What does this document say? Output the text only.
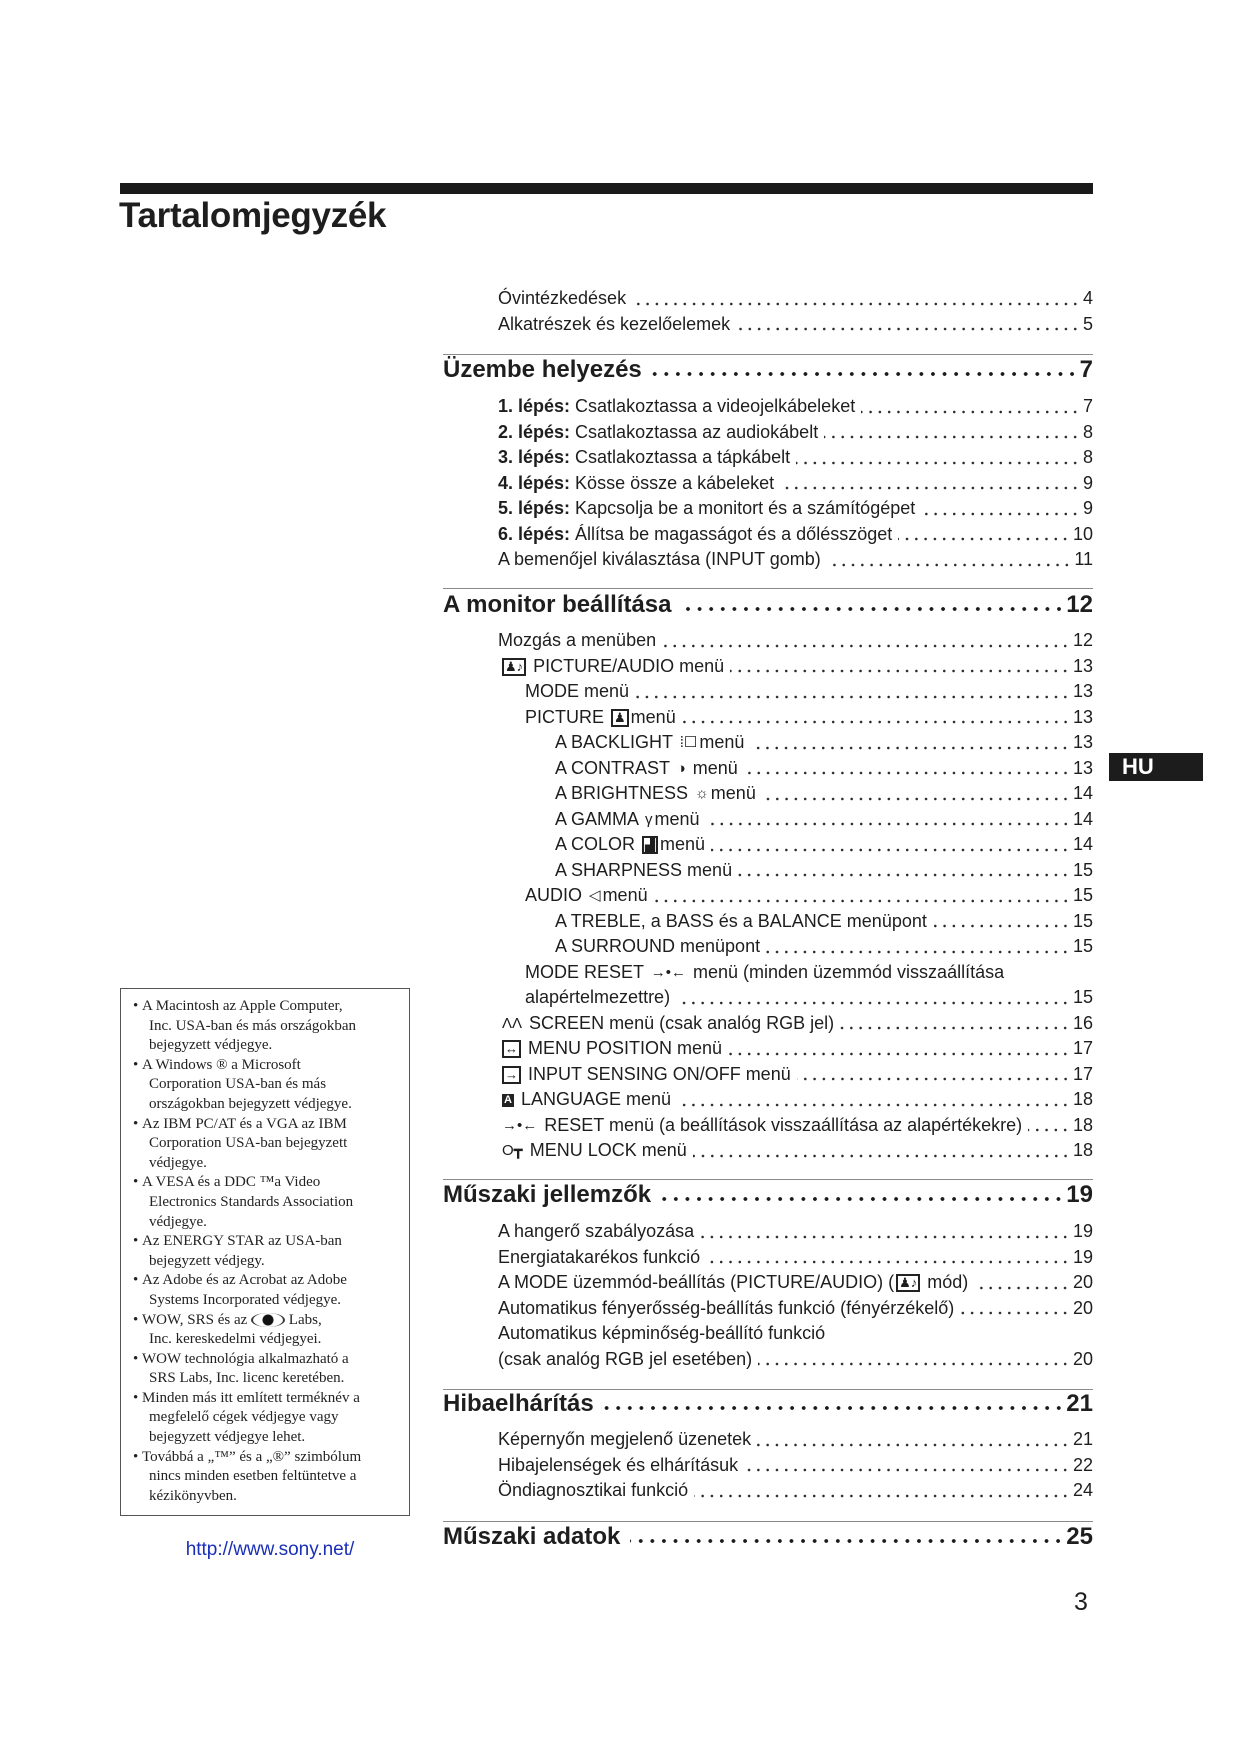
Tartalomjegyzék
HU
Óvintézkedések	4
Alkatrészek és kezelőelemek	5
Üzembe helyezés	7
1. lépés: Csatlakoztassa a videojelkábeleket	7
2. lépés: Csatlakoztassa az audiokábelt	8
3. lépés: Csatlakoztassa a tápkábelt	8
4. lépés: Kösse össze a kábeleket	9
5. lépés: Kapcsolja be a monitort és a számítógépet	9
6. lépés: Állítsa be magasságot és a dőlésszöget	10
A bemenőjel kiválasztása (INPUT gomb)	11
A monitor beállítása	12
Mozgás a menüben	12
♟♪ PICTURE/AUDIO menü	13
MODE menü	13
PICTURE ♟ menü	13
A BACKLIGHT ⁞☐ menü	13
A CONTRAST ◑ menü	13
A BRIGHTNESS ☼ menü	14
A GAMMA γ menü	14
A COLOR ▟ menü	14
A SHARPNESS menü	15
AUDIO ◁ menü	15
A TREBLE, a BASS és a BALANCE menüpont	15
A SURROUND menüpont	15
MODE RESET →•← menü (minden üzemmód visszaállítása
alapértelmezettre)	15
ΛΛ SCREEN menü (csak analóg RGB jel)	16
↔ MENU POSITION menü	17
→ INPUT SENSING ON/OFF menü	17
A LANGUAGE menü	18
→•← RESET menü (a beállítások visszaállítása az alapértékekre)	18
O┳ MENU LOCK menü	18
Műszaki jellemzők	19
A hangerő szabályozása	19
Energiatakarékos funkció	19
A MODE üzemmód-beállítás (PICTURE/AUDIO) ( ♟♪ mód)	20
Automatikus fényerősség-beállítás funkció (fényérzékelő)	20
Automatikus képminőség-beállító funkció
(csak analóg RGB jel esetében)	20
Hibaelhárítás	21
Képernyőn megjelenő üzenetek	21
Hibajelenségek és elhárításuk	22
Öndiagnosztikai funkció	24
Műszaki adatok	25
• A Macintosh az Apple Computer,
Inc. USA-ban és más országokban
bejegyzett védjegye.
• A Windows ® a Microsoft
Corporation USA-ban és más
országokban bejegyzett védjegye.
• Az IBM PC/AT és a VGA az IBM
Corporation USA-ban bejegyzett
védjegye.
• A VESA és a DDC ™a Video
Electronics Standards Association
védjegye.
• Az ENERGY STAR az USA-ban
bejegyzett védjegy.
• Az Adobe és az Acrobat az Adobe
Systems Incorporated védjegye.
• WOW, SRS és az  Labs,
Inc. kereskedelmi védjegyei.
• WOW technológia alkalmazható a
SRS Labs, Inc. licenc keretében.
• Minden más itt említett terméknév a
megfelelő cégek védjegye vagy
bejegyzett védjegye lehet.
• Továbbá a „™” és a „®” szimbólum
nincs minden esetben feltüntetve a
kézikönyvben.
http://www.sony.net/
3
